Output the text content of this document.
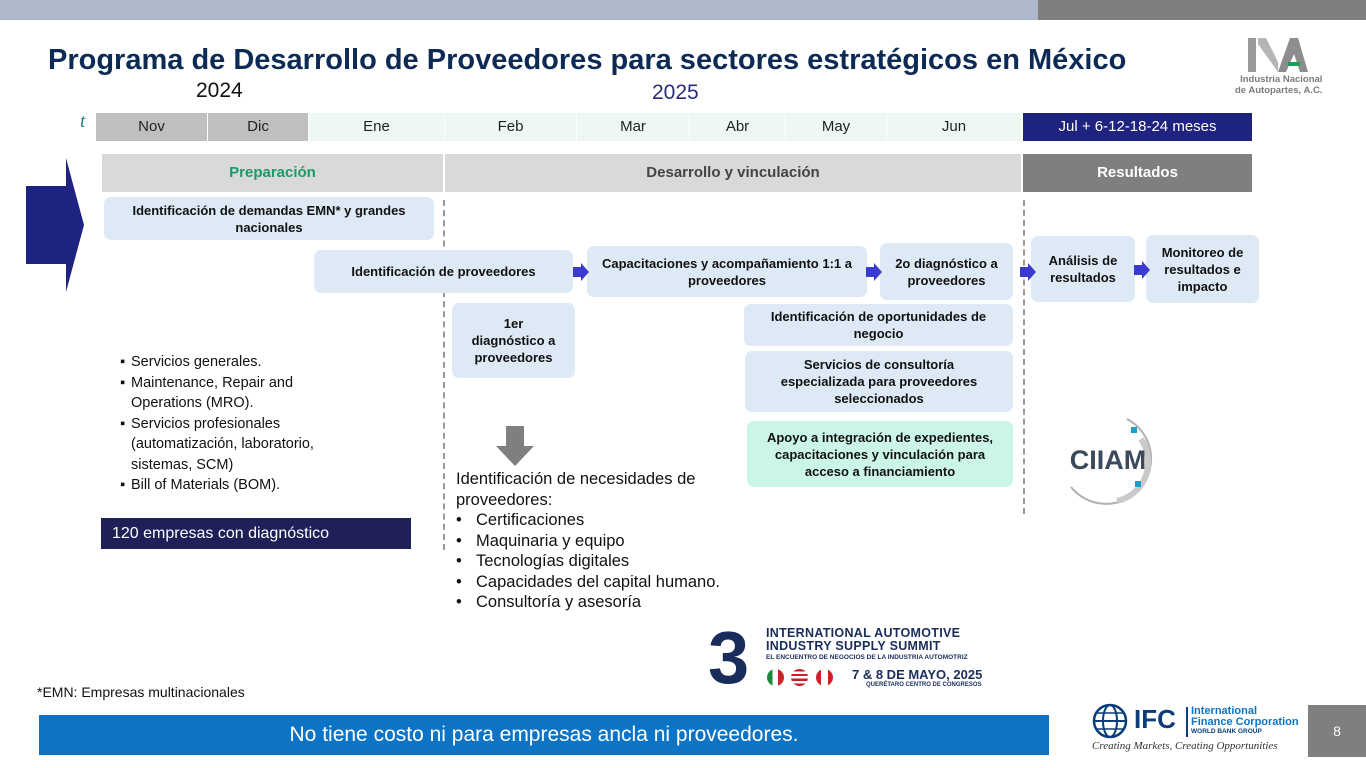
Programa de Desarrollo de Proveedores para sectores estratégicos en México
2024	2025
t
Industria Nacional
de Autopartes, A.C.
Nov	Dic	Ene	Feb	Mar	Abr	May	Jun	Jul + 6-12-18-24 meses
Preparación	Desarrollo y vinculación	Resultados
Identificación de demandas EMN* y grandes nacionales
Identificación de proveedores
Capacitaciones y acompañamiento 1:1 a proveedores
2o diagnóstico a proveedores
Análisis de resultados
Monitoreo de resultados e impacto
1er diagnóstico a proveedores
Identificación de oportunidades de negocio
Servicios de consultoría especializada para proveedores seleccionados
Apoyo a integración de expedientes, capacitaciones y vinculación para acceso a financiamiento
▪ Servicios generales.
▪ Maintenance, Repair and Operations (MRO).
▪ Servicios profesionales (automatización, laboratorio, sistemas, SCM)
▪ Bill of Materials (BOM).
120 empresas con diagnóstico
Identificación de necesidades de proveedores:
• Certificaciones
• Maquinaria y equipo
• Tecnologías digitales
• Capacidades del capital humano.
• Consultoría y asesoría
CIIAM
3 INTERNATIONAL AUTOMOTIVE
INDUSTRY SUPPLY SUMMIT
EL ENCUENTRO DE NEGOCIOS DE LA INDUSTRIA AUTOMOTRIZ
7 & 8 DE MAYO, 2025
QUERÉTARO CENTRO DE CONGRESOS
*EMN: Empresas multinacionales
No tiene costo ni para empresas ancla ni proveedores.
IFC International
Finance Corporation
WORLD BANK GROUP
Creating Markets, Creating Opportunities
8
